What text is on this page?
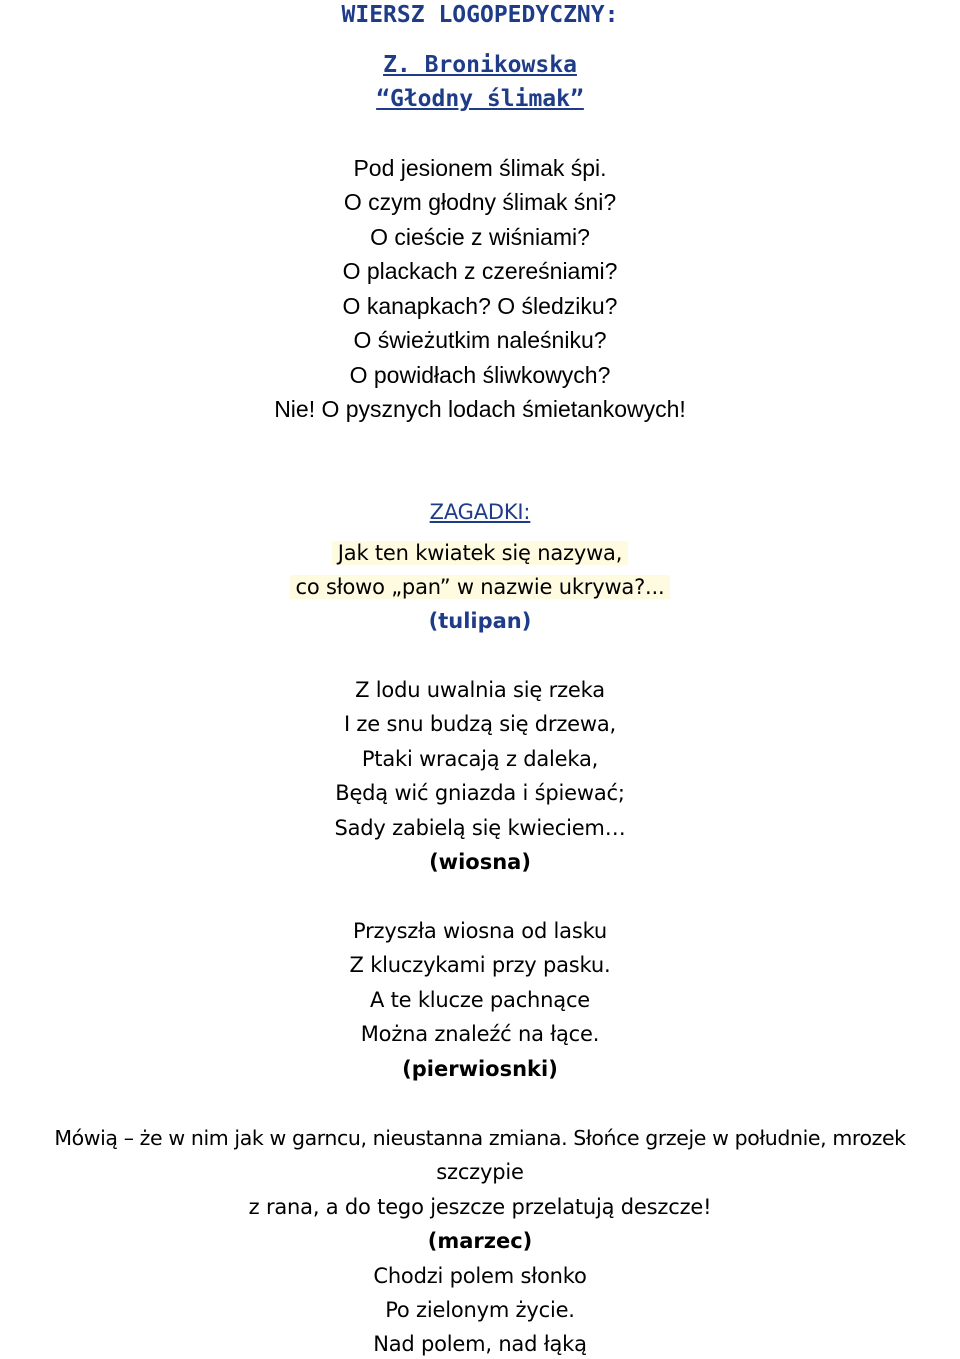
WIERSZ LOGOPEDYCZNY:
Z. Bronikowska
“Głodny ślimak”
Pod jesionem ślimak śpi.
O czym głodny ślimak śni?
O cieście z wiśniami?
O plackach z czereśniami?
O kanapkach? O śledziku?
O świeżutkim naleśniku?
O powidłach śliwkowych?
Nie! O pysznych lodach śmietankowych!
ZAGADKI:
Jak ten kwiatek się nazywa,
co słowo „pan” w nazwie ukrywa?...
(tulipan)
Z lodu uwalnia się rzeka
I ze snu budzą się drzewa,
Ptaki wracają z daleka,
Będą wić gniazda i śpiewać;
Sady zabielą się kwieciem…
(wiosna)
Przyszła wiosna od lasku
Z kluczykami przy pasku.
A te klucze pachnące
Można znaleźć na łące.
(pierwiosnki)
Mówią – że w nim jak w garncu, nieustanna zmiana. Słońce grzeje w południe, mrozek
szczypie
z rana, a do tego jeszcze przelatują deszcze!
(marzec)
Chodzi polem słonko
Po zielonym życie.
Nad polem, nad łąką
